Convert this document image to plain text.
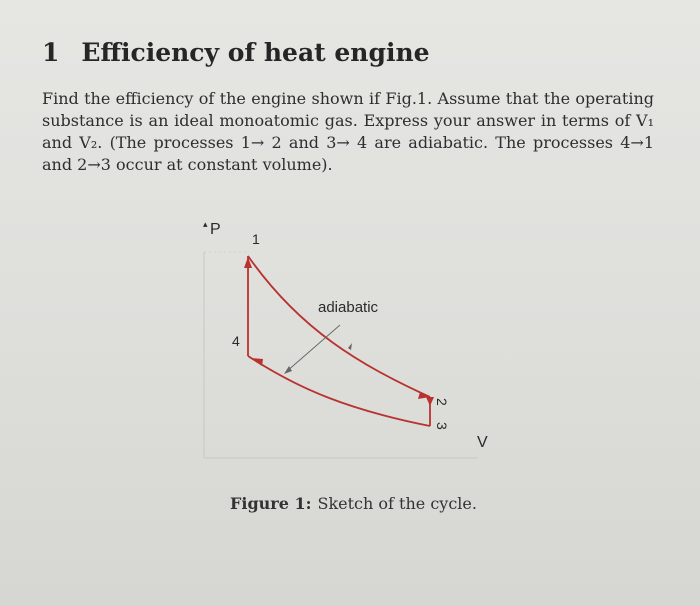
1 Efficiency of heat engine

Find the efficiency of the engine shown if Fig.1. Assume that the operating substance is an ideal monoatomic gas. Express your answer in terms of V₁ and V₂. (The processes 1→ 2 and 3→ 4 are adiabatic. The processes 4→1 and 2→3 occur at constant volume).

▴ P
V
1
4
2
3
adiabatic
Figure 1: Sketch of the cycle.
